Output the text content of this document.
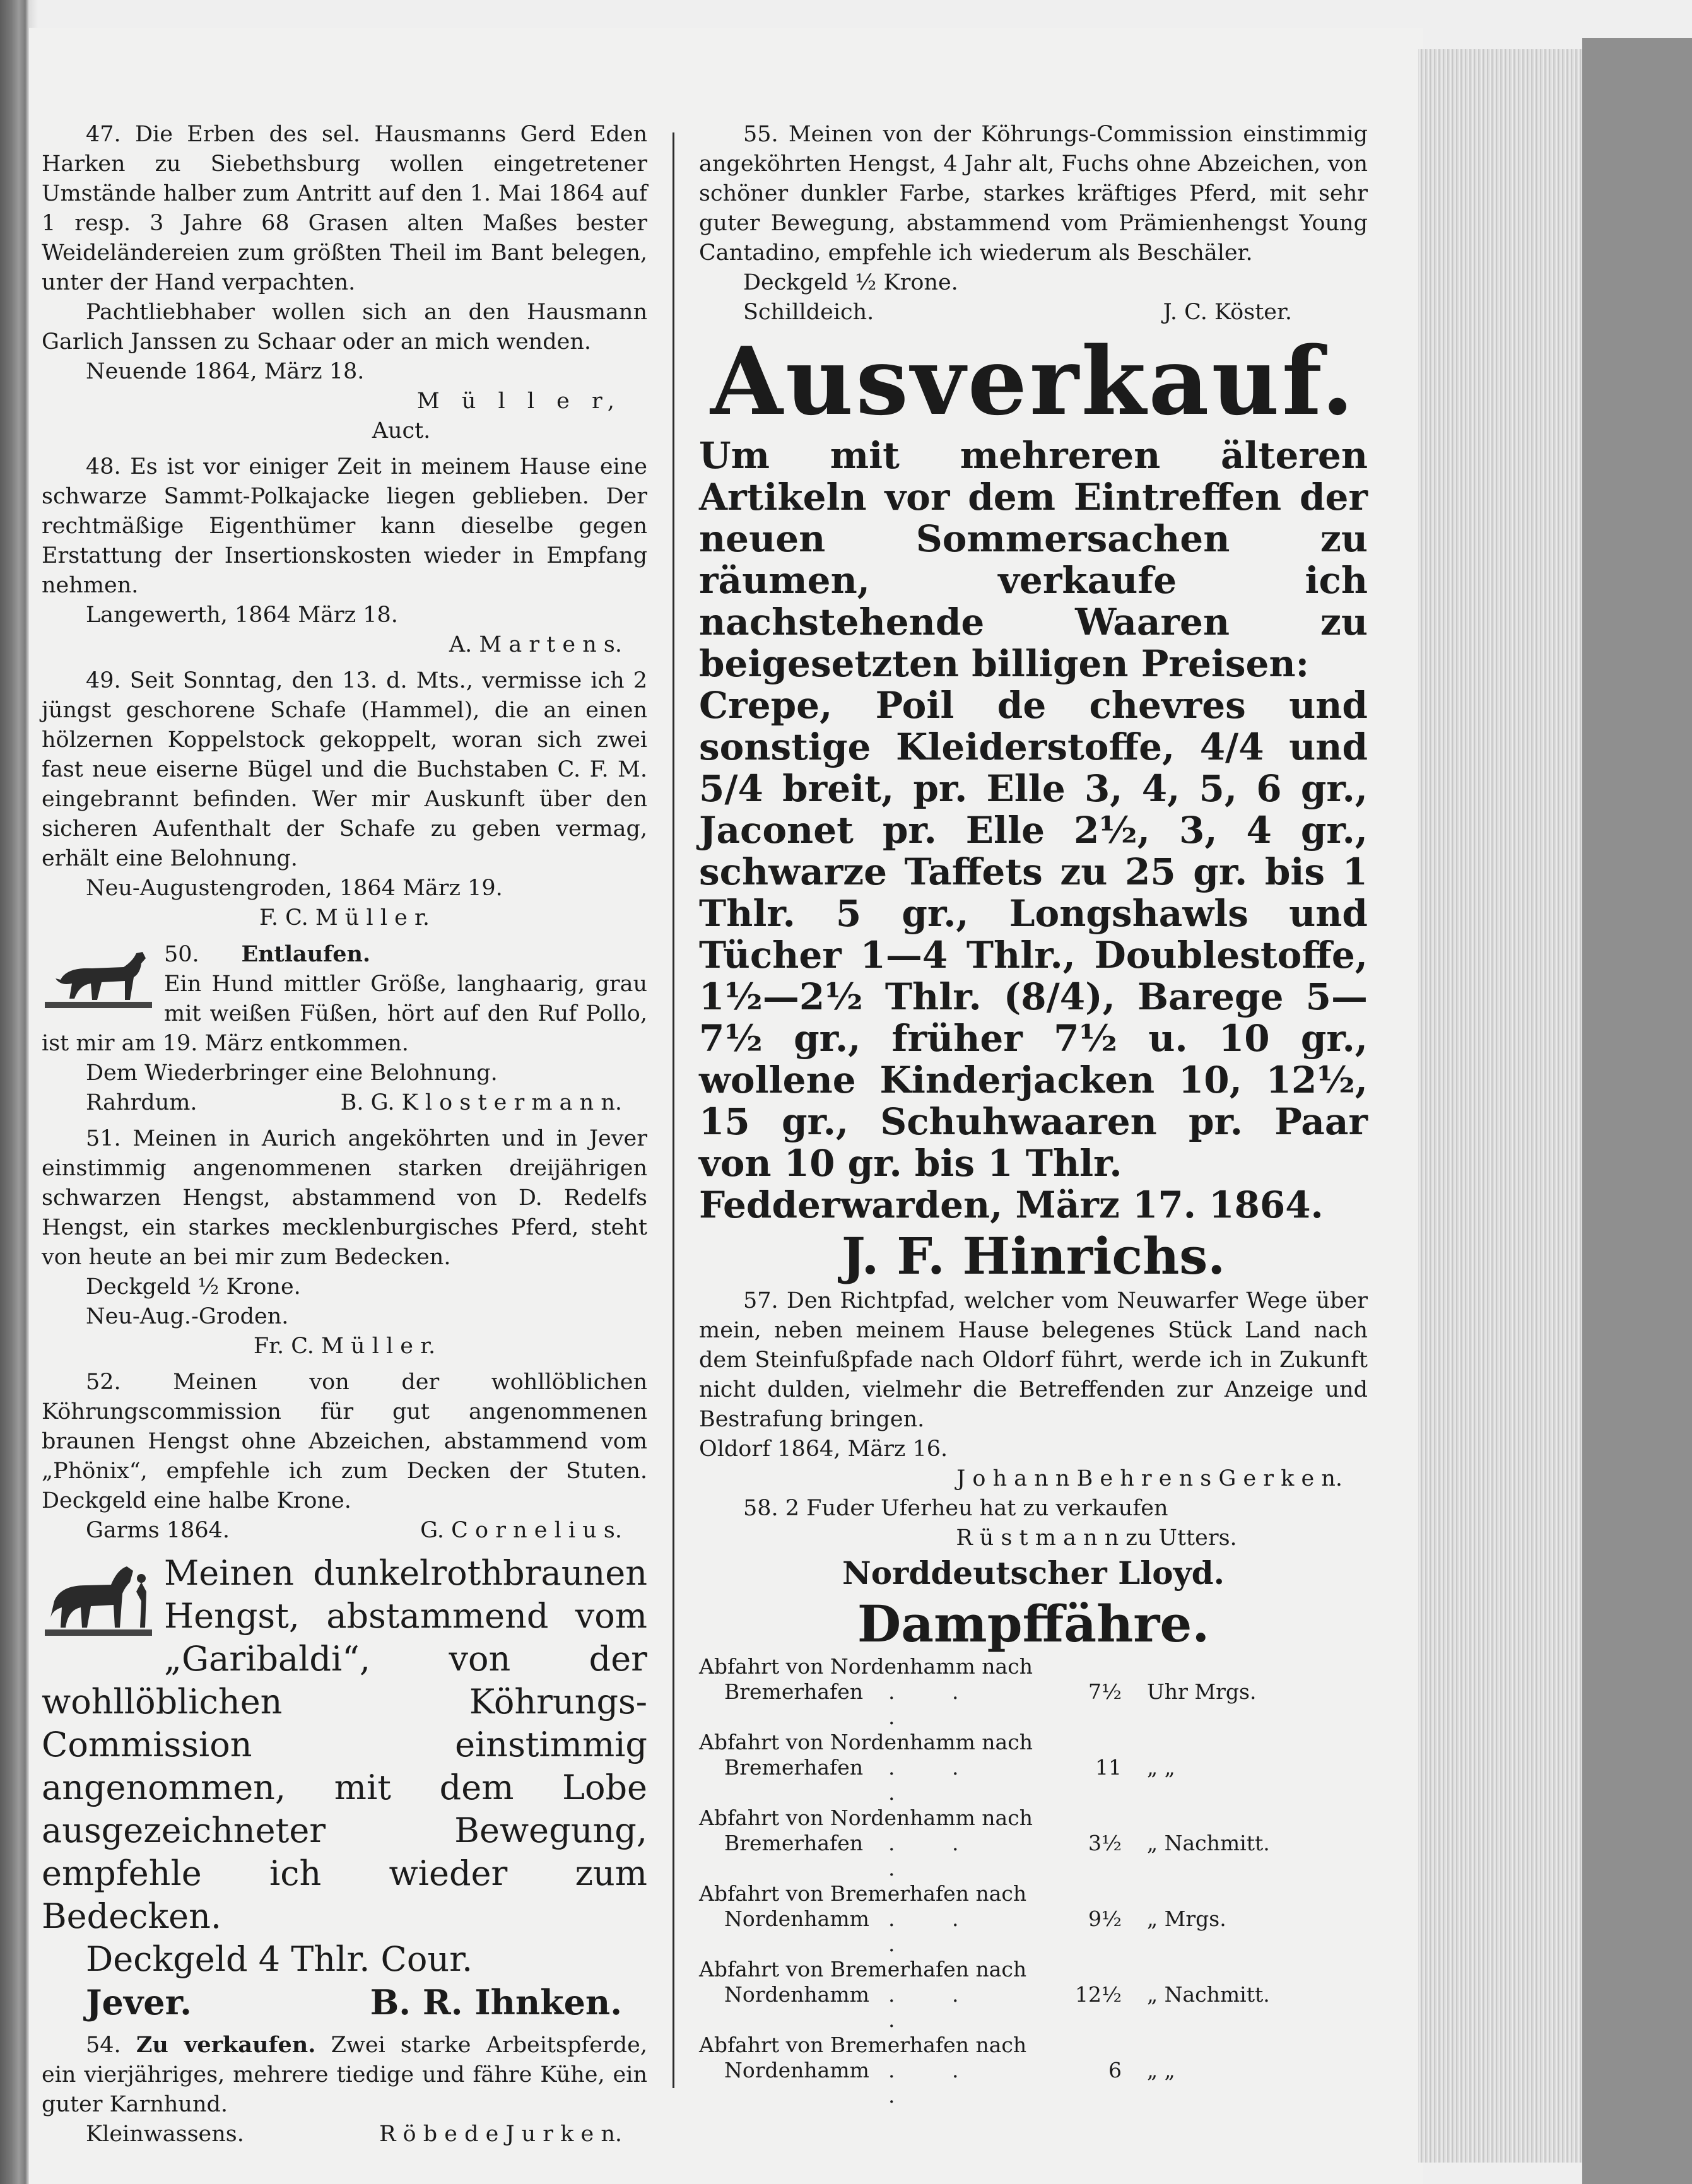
47. Die Erben des sel. Hausmanns Gerd Eden Harken zu Siebethsburg wollen eingetretener Umstände halber zum Antritt auf den 1. Mai 1864 auf 1 resp. 3 Jahre 68 Grasen alten Maßes bester Weideländereien zum größten Theil im Bant belegen, unter der Hand verpachten.

Pachtliebhaber wollen sich an den Hausmann Garlich Janssen zu Schaar oder an mich wenden.

Neuende 1864, März 18.

M ü l l e r,

Auct.

48. Es ist vor einiger Zeit in meinem Hause eine schwarze Sammt-Polkajacke liegen geblieben. Der rechtmäßige Eigenthümer kann dieselbe gegen Erstattung der Insertionskosten wieder in Empfang nehmen.

Langewerth, 1864 März 18.

A. M a r t e n s.

49. Seit Sonntag, den 13. d. Mts., vermisse ich 2 jüngst geschorene Schafe (Hammel), die an einen hölzernen Koppelstock gekoppelt, woran sich zwei fast neue eiserne Bügel und die Buchstaben C. F. M. eingebrannt befinden. Wer mir Auskunft über den sicheren Aufenthalt der Schafe zu geben vermag, erhält eine Belohnung.

Neu-Augustengroden, 1864 März 19.

F. C. M ü l l e r.

50. Entlaufen.

Ein Hund mittler Größe, langhaarig, grau mit weißen Füßen, hört auf den Ruf Pollo, ist mir am 19. März entkommen.

Dem Wiederbringer eine Belohnung.

Rahrdum.	B. G. K l o s t e r m a n n.

51. Meinen in Aurich angeköhrten und in Jever einstimmig angenommenen starken dreijährigen schwarzen Hengst, abstammend von D. Redelfs Hengst, ein starkes mecklenburgisches Pferd, steht von heute an bei mir zum Bedecken.

Deckgeld ½ Krone.

Neu-Aug.-Groden.

Fr. C. M ü l l e r.

52. Meinen von der wohllöblichen Köhrungscommission für gut angenommenen braunen Hengst ohne Abzeichen, abstammend vom „Phönix“, empfehle ich zum Decken der Stuten. Deckgeld eine halbe Krone.

Garms 1864.	G. C o r n e l i u s.

Meinen dunkelrothbraunen Hengst, abstammend vom „Garibaldi“, von der wohllöblichen Köhrungs-Commission einstimmig angenommen, mit dem Lobe ausgezeichneter Bewegung, empfehle ich wieder zum Bedecken.

Deckgeld 4 Thlr. Cour.

Jever.	B. R. Ihnken.

54. Zu verkaufen. Zwei starke Arbeitspferde, ein vierjähriges, mehrere tiedige und fähre Kühe, ein guter Karnhund.

Kleinwassens.	R ö b e d e J u r k e n.

55. Meinen von der Köhrungs-Commission einstimmig angeköhrten Hengst, 4 Jahr alt, Fuchs ohne Abzeichen, von schöner dunkler Farbe, starkes kräftiges Pferd, mit sehr guter Bewegung, abstammend vom Prämienhengst Young Cantadino, empfehle ich wiederum als Beschäler.

Deckgeld ½ Krone.

Schilldeich.	J. C. Köster.

Ausverkauf.

Um mit mehreren älteren Artikeln vor dem Eintreffen der neuen Sommersachen zu räumen, verkaufe ich nachstehende Waaren zu beigesetzten billigen Preisen:

Crepe, Poil de chevres und sonstige Kleiderstoffe, 4/4 und 5/4 breit, pr. Elle 3, 4, 5, 6 gr., Jaconet pr. Elle 2½, 3, 4 gr., schwarze Taffets zu 25 gr. bis 1 Thlr. 5 gr., Longshawls und Tücher 1—4 Thlr., Doublestoffe, 1½—2½ Thlr. (8/4), Barege 5—7½ gr., früher 7½ u. 10 gr., wollene Kinderjacken 10, 12½, 15 gr., Schuhwaaren pr. Paar von 10 gr. bis 1 Thlr.

Fedderwarden, März 17. 1864.

J. F. Hinrichs.

57. Den Richtpfad, welcher vom Neuwarfer Wege über mein, neben meinem Hause belegenes Stück Land nach dem Steinfußpfade nach Oldorf führt, werde ich in Zukunft nicht dulden, vielmehr die Betreffenden zur Anzeige und Bestrafung bringen.

Oldorf 1864, März 16.

J o h a n n B e h r e n s G e r k e n.

58. 2 Fuder Uferheu hat zu verkaufen

R ü s t m a n n zu Utters.

Norddeutscher Lloyd.

Dampffähre.

Abfahrt von Nordenhamm nach

Bremerhafen	. . .
7½	Uhr Mrgs.

Abfahrt von Nordenhamm nach

Bremerhafen	. . .
11	„ „

Abfahrt von Nordenhamm nach

Bremerhafen	. . .
3½	„ Nachmitt.

Abfahrt von Bremerhafen nach

Nordenhamm . . .
9½	„ Mrgs.

Abfahrt von Bremerhafen nach

Nordenhamm . . .
12½	„ Nachmitt.

Abfahrt von Bremerhafen nach

Nordenhamm . . .
6	„ „
